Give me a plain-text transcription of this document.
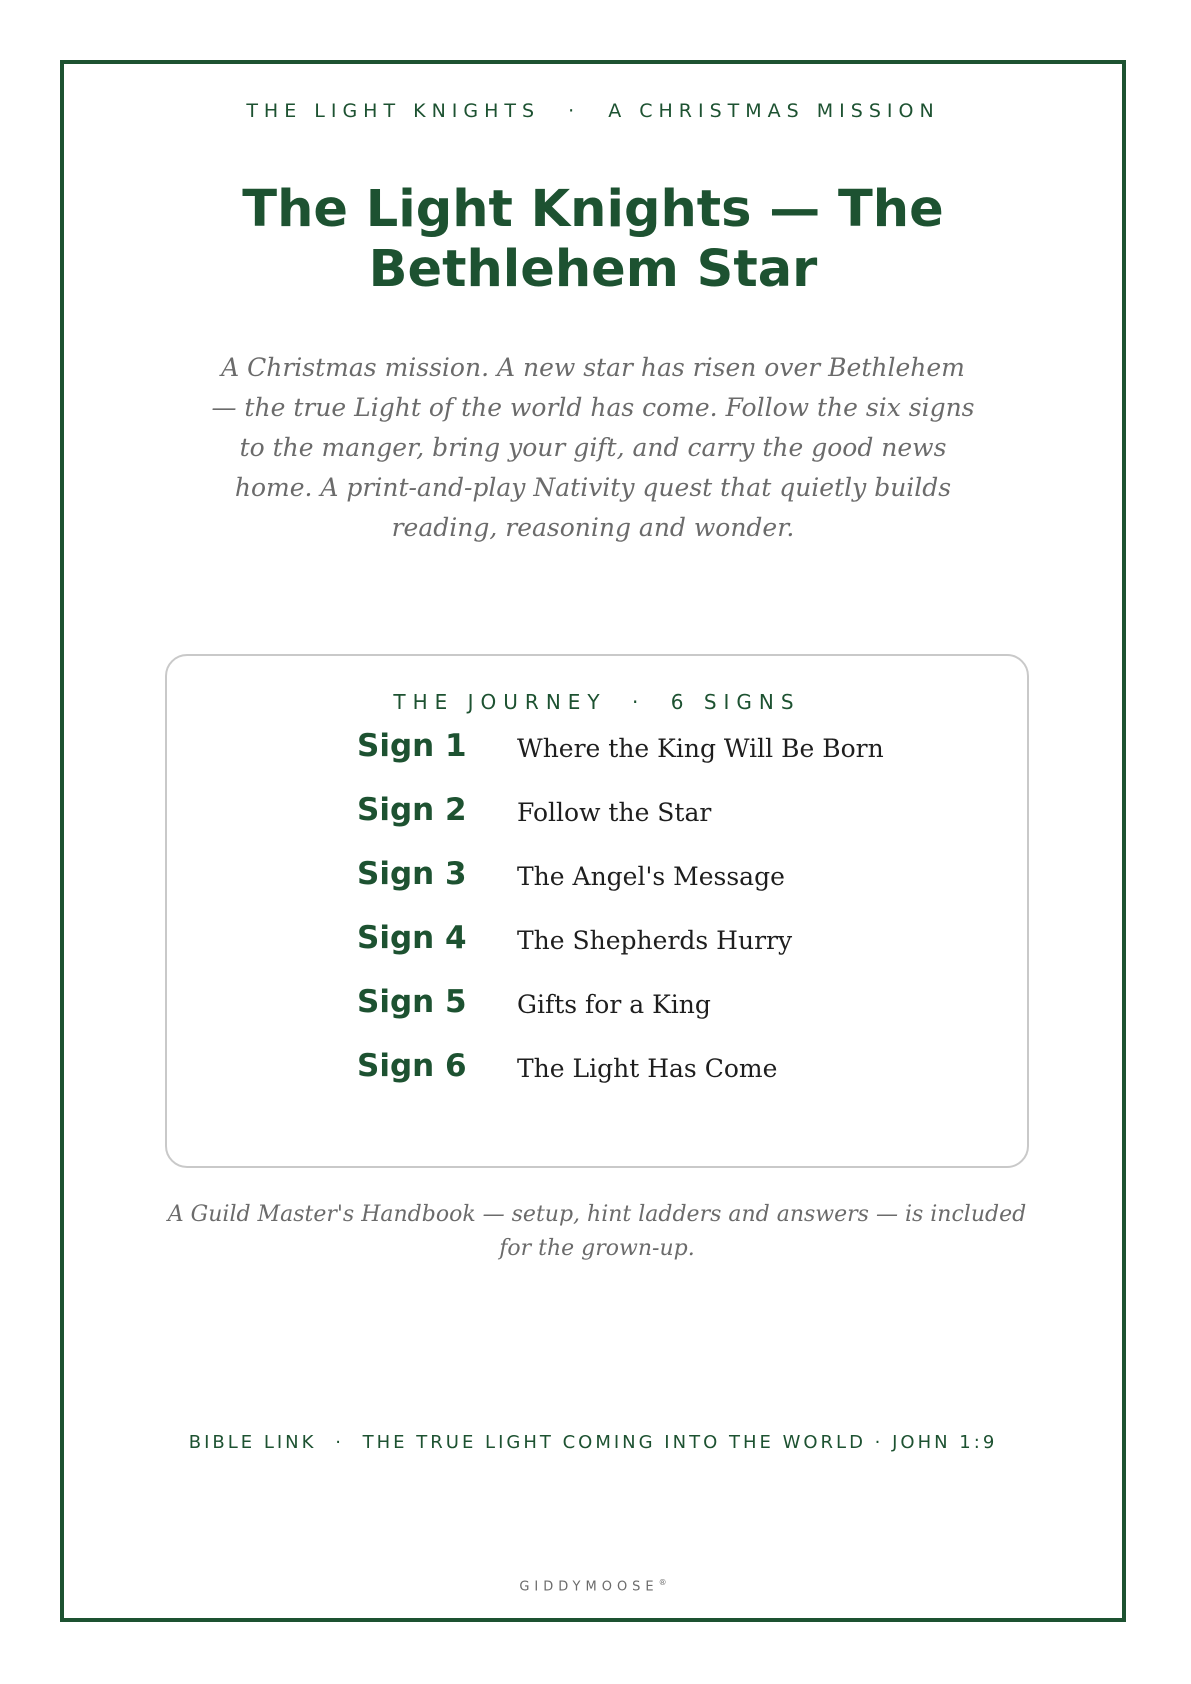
THE LIGHT KNIGHTS · A CHRISTMAS MISSION
The Light Knights — The Bethlehem Star

A Christmas mission. A new star has risen over Bethlehem — the true Light of the world has come. Follow the six signs to the manger, bring your gift, and carry the good news home. A print-and-play Nativity quest that quietly builds reading, reasoning and wonder.

THE JOURNEY · 6 SIGNS
Sign 1	Where the King Will Be Born
Sign 2	Follow the Star
Sign 3	The Angel's Message
Sign 4	The Shepherds Hurry
Sign 5	Gifts for a King
Sign 6	The Light Has Come

A Guild Master's Handbook — setup, hint ladders and answers — is included for the grown-up.

BIBLE LINK · THE TRUE LIGHT COMING INTO THE WORLD · JOHN 1:9
GIDDYMOOSE®
